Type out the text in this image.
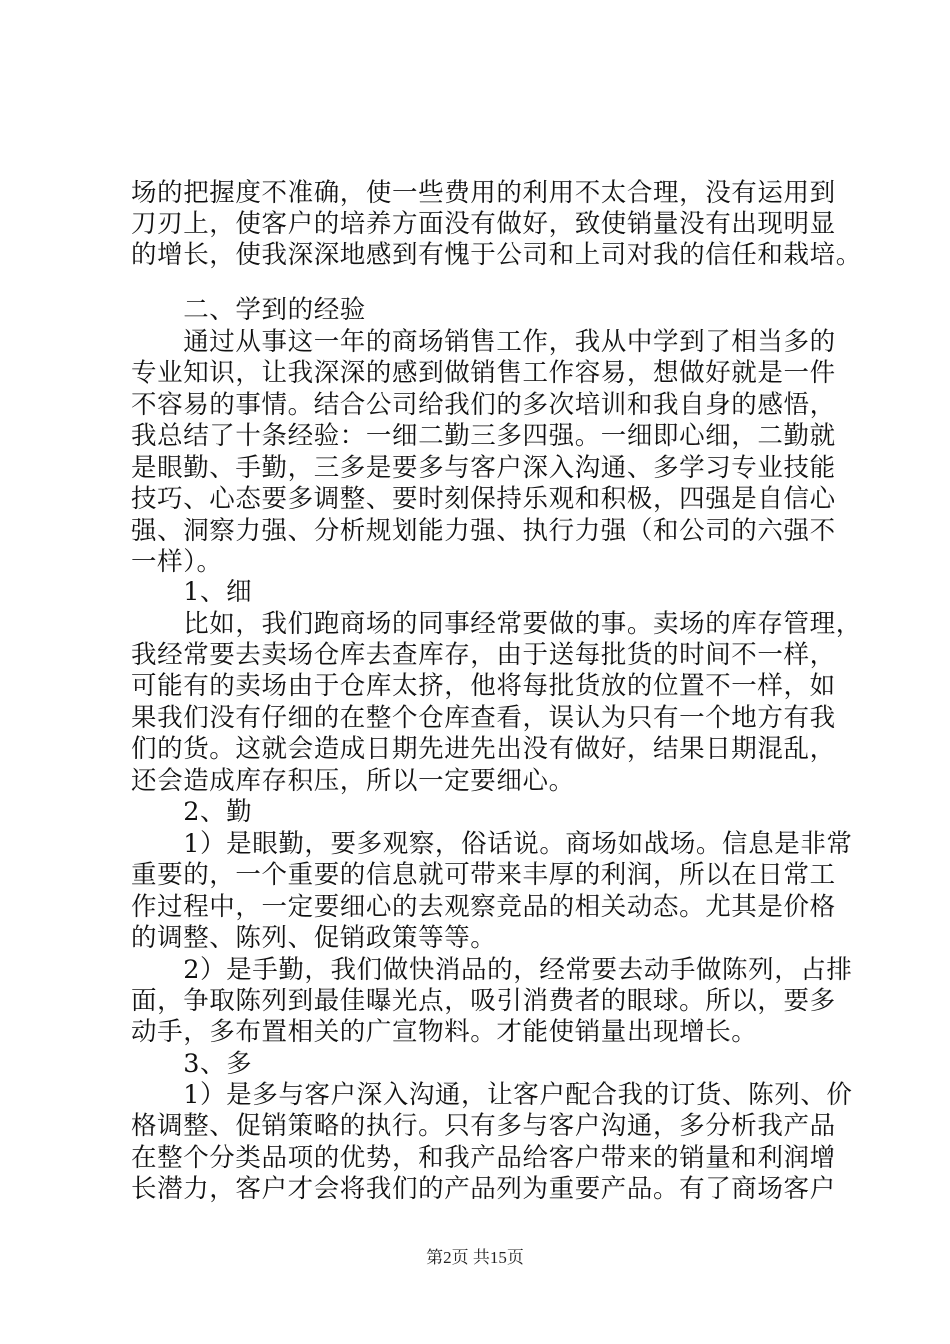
场的把握度不准确，使一些费用的利用不太合理，没有运用到
刀刃上，使客户的培养方面没有做好，致使销量没有出现明显
的增长，使我深深地感到有愧于公司和上司对我的信任和栽培。
　　二、学到的经验
　　通过从事这一年的商场销售工作，我从中学到了相当多的
专业知识，让我深深的感到做销售工作容易，想做好就是一件
不容易的事情。结合公司给我们的多次培训和我自身的感悟，
我总结了十条经验：一细二勤三多四强。一细即心细，二勤就
是眼勤、手勤，三多是要多与客户深入沟通、多学习专业技能
技巧、心态要多调整、要时刻保持乐观和积极，四强是自信心
强、洞察力强、分析规划能力强、执行力强（和公司的六强不
一样）。
　　1、细
　　比如，我们跑商场的同事经常要做的事。卖场的库存管理，
我经常要去卖场仓库去查库存，由于送每批货的时间不一样，
可能有的卖场由于仓库太挤，他将每批货放的位置不一样，如
果我们没有仔细的在整个仓库查看，误认为只有一个地方有我
们的货。这就会造成日期先进先出没有做好，结果日期混乱，
还会造成库存积压，所以一定要细心。
　　2、勤
　　1）是眼勤，要多观察，俗话说。商场如战场。信息是非常
重要的，一个重要的信息就可带来丰厚的利润，所以在日常工
作过程中，一定要细心的去观察竞品的相关动态。尤其是价格
的调整、陈列、促销政策等等。
　　2）是手勤，我们做快消品的，经常要去动手做陈列，占排
面，争取陈列到最佳曝光点，吸引消费者的眼球。所以，要多
动手，多布置相关的广宣物料。才能使销量出现增长。
　　3、多
　　1）是多与客户深入沟通，让客户配合我的订货、陈列、价
格调整、促销策略的执行。只有多与客户沟通，多分析我产品
在整个分类品项的优势，和我产品给客户带来的销量和利润增
长潜力，客户才会将我们的产品列为重要产品。有了商场客户
第2页 共15页
